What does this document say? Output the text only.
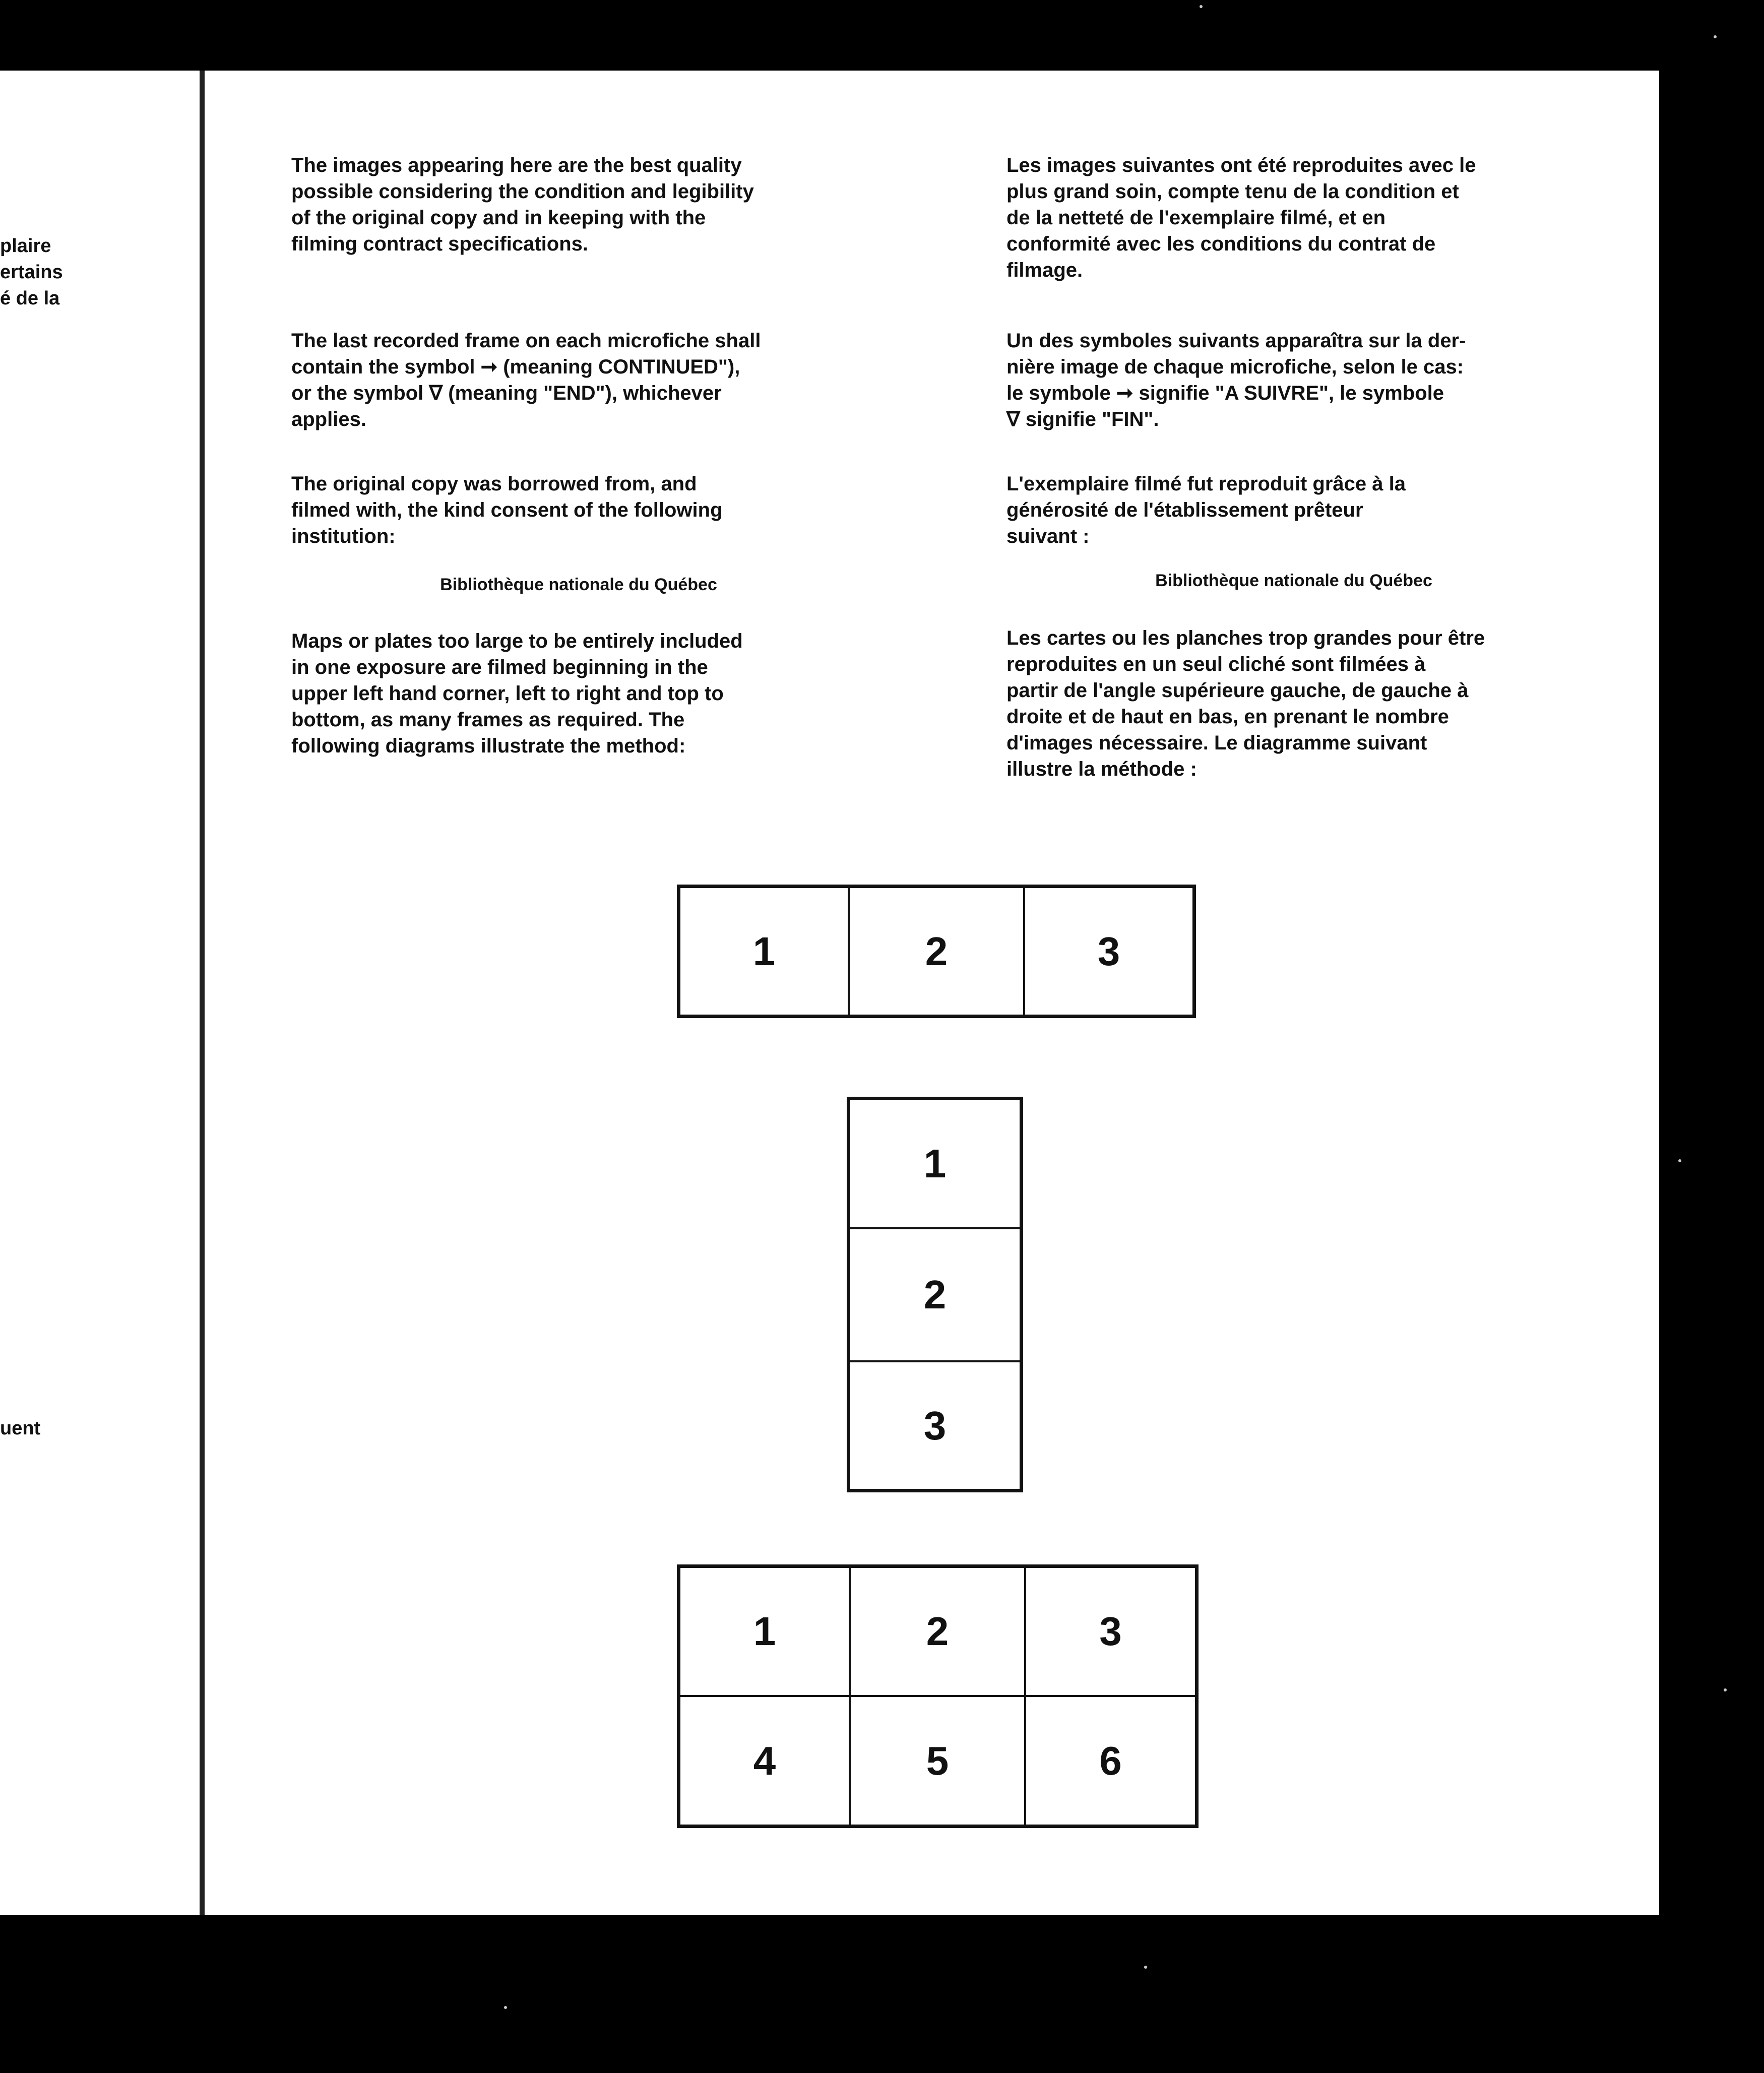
plaire
ertains
é de la
uent

The images appearing here are the best quality
possible considering the condition and legibility
of the original copy and in keeping with the
filming contract specifications.

The last recorded frame on each microfiche shall
contain the symbol ➞ (meaning CONTINUED"),
or the symbol ∇ (meaning "END"), whichever
applies.

The original copy was borrowed from, and
filmed with, the kind consent of the following
institution:

Bibliothèque nationale du Québec

Maps or plates too large to be entirely included
in one exposure are filmed beginning in the
upper left hand corner, left to right and top to
bottom, as many frames as required. The
following diagrams illustrate the method:

Les images suivantes ont été reproduites avec le
plus grand soin, compte tenu de la condition et
de la netteté de l'exemplaire filmé, et en
conformité avec les conditions du contrat de
filmage.

Un des symboles suivants apparaîtra sur la der-
nière image de chaque microfiche, selon le cas:
le symbole ➞ signifie "A SUIVRE", le symbole
∇ signifie "FIN".

L'exemplaire filmé fut reproduit grâce à la
générosité de l'établissement prêteur
suivant :

Bibliothèque nationale du Québec

Les cartes ou les planches trop grandes pour être
reproduites en un seul cliché sont filmées à
partir de l'angle supérieure gauche, de gauche à
droite et de haut en bas, en prenant le nombre
d'images nécessaire. Le diagramme suivant
illustre la méthode :

1	2	3
1
2
3
1	2	3
4	5	6
